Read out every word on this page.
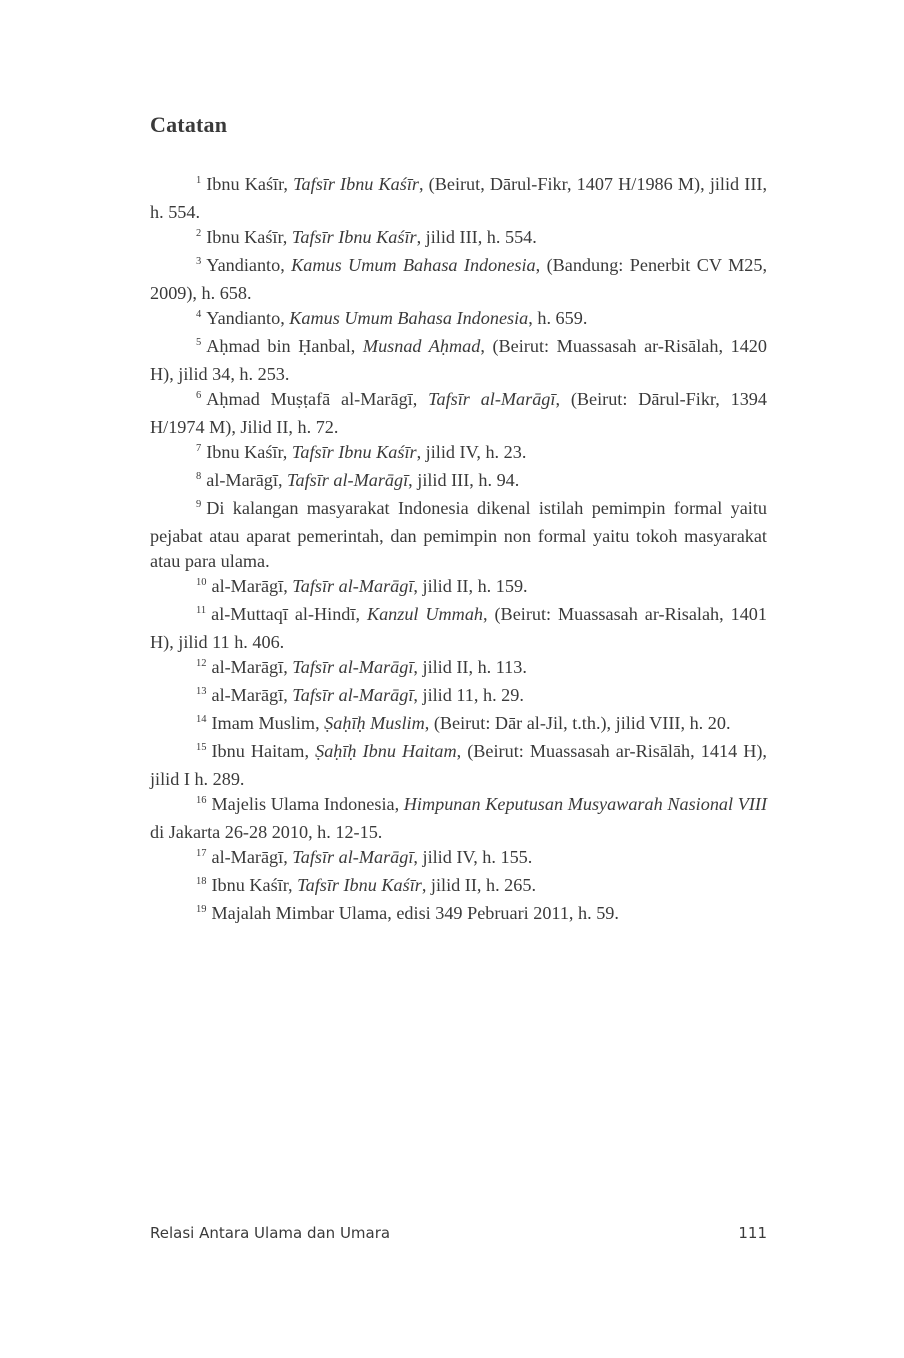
Catatan

$^1$ Ibnu Kaśīr, Tafsīr Ibnu Kaśīr, (Beirut, Dārul-Fikr, 1407 H/1986 M), jilid III, h. 554.

$^2$ Ibnu Kaśīr, Tafsīr Ibnu Kaśīr, jilid III, h. 554.

$^3$ Yandianto, Kamus Umum Bahasa Indonesia, (Bandung: Penerbit CV M25, 2009), h. 658.

$^4$ Yandianto, Kamus Umum Bahasa Indonesia, h. 659.

$^5$ Aḥmad bin Ḥanbal, Musnad Aḥmad, (Beirut: Muassasah ar-Risālah, 1420 H), jilid 34, h. 253.

$^6$ Aḥmad Muṣṭafā al-Marāgī, Tafsīr al-Marāgī, (Beirut: Dārul-Fikr, 1394 H/1974 M), Jilid II, h. 72.

$^7$ Ibnu Kaśīr, Tafsīr Ibnu Kaśīr, jilid IV, h. 23.

$^8$ al-Marāgī, Tafsīr al-Marāgī, jilid III, h. 94.

$^9$ Di kalangan masyarakat Indonesia dikenal istilah pemimpin formal yaitu pejabat atau aparat pemerintah, dan pemimpin non formal yaitu tokoh masyarakat atau para ulama.

$^{10}$ al-Marāgī, Tafsīr al-Marāgī, jilid II, h. 159.

$^{11}$ al-Muttaqī al-Hindī, Kanzul Ummah, (Beirut: Muassasah ar-Risalah, 1401 H), jilid 11 h. 406.

$^{12}$ al-Marāgī, Tafsīr al-Marāgī, jilid II, h. 113.

$^{13}$ al-Marāgī, Tafsīr al-Marāgī, jilid 11, h. 29.

$^{14}$ Imam Muslim, Ṣaḥīḥ Muslim, (Beirut: Dār al-Jil, t.th.), jilid VIII, h. 20.

$^{15}$ Ibnu Haitam, Ṣaḥīḥ Ibnu Haitam, (Beirut: Muassasah ar-Risālāh, 1414 H), jilid I h. 289.

$^{16}$ Majelis Ulama Indonesia, Himpunan Keputusan Musyawarah Nasional VIII di Jakarta 26-28 2010, h. 12-15.

$^{17}$ al-Marāgī, Tafsīr al-Marāgī, jilid IV, h. 155.

$^{18}$ Ibnu Kaśīr, Tafsīr Ibnu Kaśīr, jilid II, h. 265.

$^{19}$ Majalah Mimbar Ulama, edisi 349 Pebruari 2011, h. 59.

Relasi Antara Ulama dan Umara	111
